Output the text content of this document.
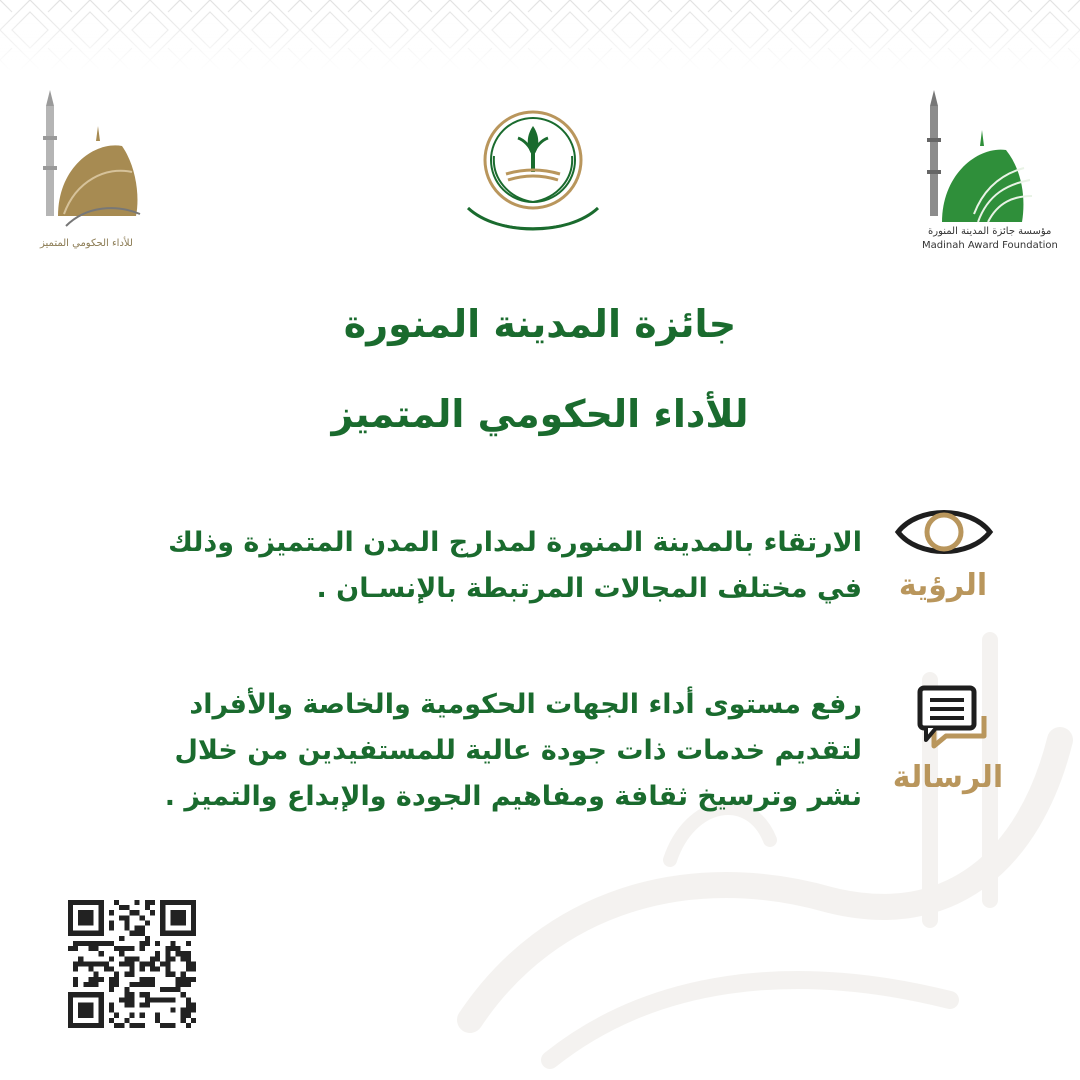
للأداء الحكومي المتميز
مؤسسة جائزة المدينة المنورة
Madinah Award Foundation
جائزة المدينة المنورة
للأداء الحكومي المتميز
الرؤية
الارتقاء بالمدينة المنورة لمدارج المدن المتميزة وذلك
في مختلف المجالات المرتبطة بالإنسـان .
الرسالة
رفع مستوى أداء الجهات الحكومية والخاصة والأفراد
لتقديم خدمات ذات جودة عالية للمستفيدين من خلال
نشر وترسيخ ثقافة ومفاهيم الجودة والإبداع والتميز .
